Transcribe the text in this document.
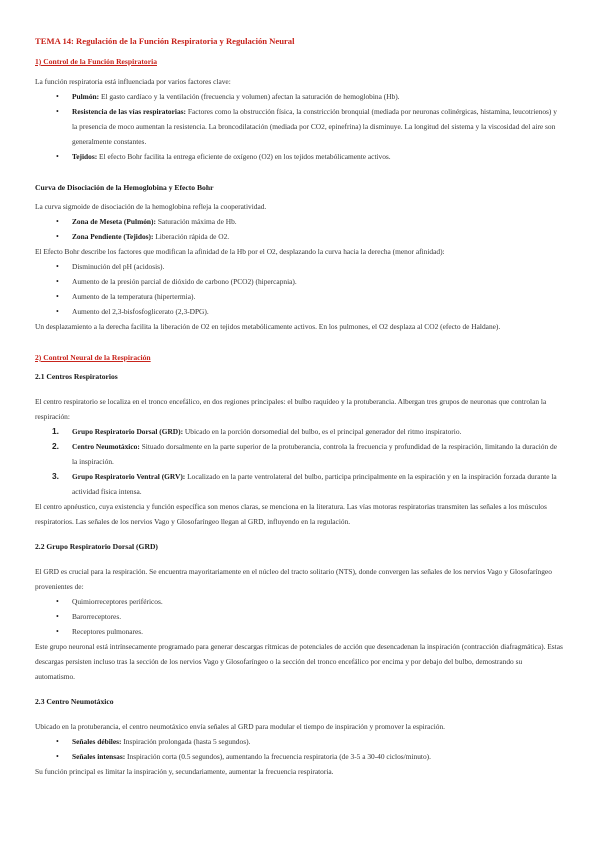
TEMA 14: Regulación de la Función Respiratoria y Regulación Neural
1) Control de la Función Respiratoria

La función respiratoria está influenciada por varios factores clave:

• Pulmón: El gasto cardíaco y la ventilación (frecuencia y volumen) afectan la saturación de hemoglobina (Hb).
• Resistencia de las vías respiratorias: Factores como la obstrucción física, la constricción bronquial (mediada por neuronas colinérgicas, histamina, leucotrienos) y la presencia de moco aumentan la resistencia. La broncodilatación (mediada por CO2, epinefrina) la disminuye. La longitud del sistema y la viscosidad del aire son generalmente constantes.
• Tejidos: El efecto Bohr facilita la entrega eficiente de oxígeno (O2) en los tejidos metabólicamente activos.
Curva de Disociación de la Hemoglobina y Efecto Bohr

La curva sigmoide de disociación de la hemoglobina refleja la cooperatividad.

• Zona de Meseta (Pulmón): Saturación máxima de Hb.
• Zona Pendiente (Tejidos): Liberación rápida de O2.

El Efecto Bohr describe los factores que modifican la afinidad de la Hb por el O2, desplazando la curva hacia la derecha (menor afinidad):

• Disminución del pH (acidosis).
• Aumento de la presión parcial de dióxido de carbono (PCO2) (hipercapnia).
• Aumento de la temperatura (hipertermia).
• Aumento del 2,3-bisfosfoglicerato (2,3-DPG).

Un desplazamiento a la derecha facilita la liberación de O2 en tejidos metabólicamente activos. En los pulmones, el O2 desplaza al CO2 (efecto de Haldane).

2) Control Neural de la Respiración
2.1 Centros Respiratorios

El centro respiratorio se localiza en el tronco encefálico, en dos regiones principales: el bulbo raquídeo y la protuberancia. Albergan tres grupos de neuronas que controlan la respiración:

1. Grupo Respiratorio Dorsal (GRD): Ubicado en la porción dorsomedial del bulbo, es el principal generador del ritmo inspiratorio.
2. Centro Neumotáxico: Situado dorsalmente en la parte superior de la protuberancia, controla la frecuencia y profundidad de la respiración, limitando la duración de la inspiración.
3. Grupo Respiratorio Ventral (GRV): Localizado en la parte ventrolateral del bulbo, participa principalmente en la espiración y en la inspiración forzada durante la actividad física intensa.

El centro apnéustico, cuya existencia y función específica son menos claras, se menciona en la literatura. Las vías motoras respiratorias transmiten las señales a los músculos respiratorios. Las señales de los nervios Vago y Glosofaríngeo llegan al GRD, influyendo en la regulación.

2.2 Grupo Respiratorio Dorsal (GRD)

El GRD es crucial para la respiración. Se encuentra mayoritariamente en el núcleo del tracto solitario (NTS), donde convergen las señales de los nervios Vago y Glosofaríngeo provenientes de:

• Quimiorreceptores periféricos.
• Barorreceptores.
• Receptores pulmonares.

Este grupo neuronal está intrínsecamente programado para generar descargas rítmicas de potenciales de acción que desencadenan la inspiración (contracción diafragmática). Estas descargas persisten incluso tras la sección de los nervios Vago y Glosofaríngeo o la sección del tronco encefálico por encima y por debajo del bulbo, demostrando su automatismo.

2.3 Centro Neumotáxico

Ubicado en la protuberancia, el centro neumotáxico envía señales al GRD para modular el tiempo de inspiración y promover la espiración.

• Señales débiles: Inspiración prolongada (hasta 5 segundos).
• Señales intensas: Inspiración corta (0.5 segundos), aumentando la frecuencia respiratoria (de 3-5 a 30-40 ciclos/minuto).

Su función principal es limitar la inspiración y, secundariamente, aumentar la frecuencia respiratoria.
